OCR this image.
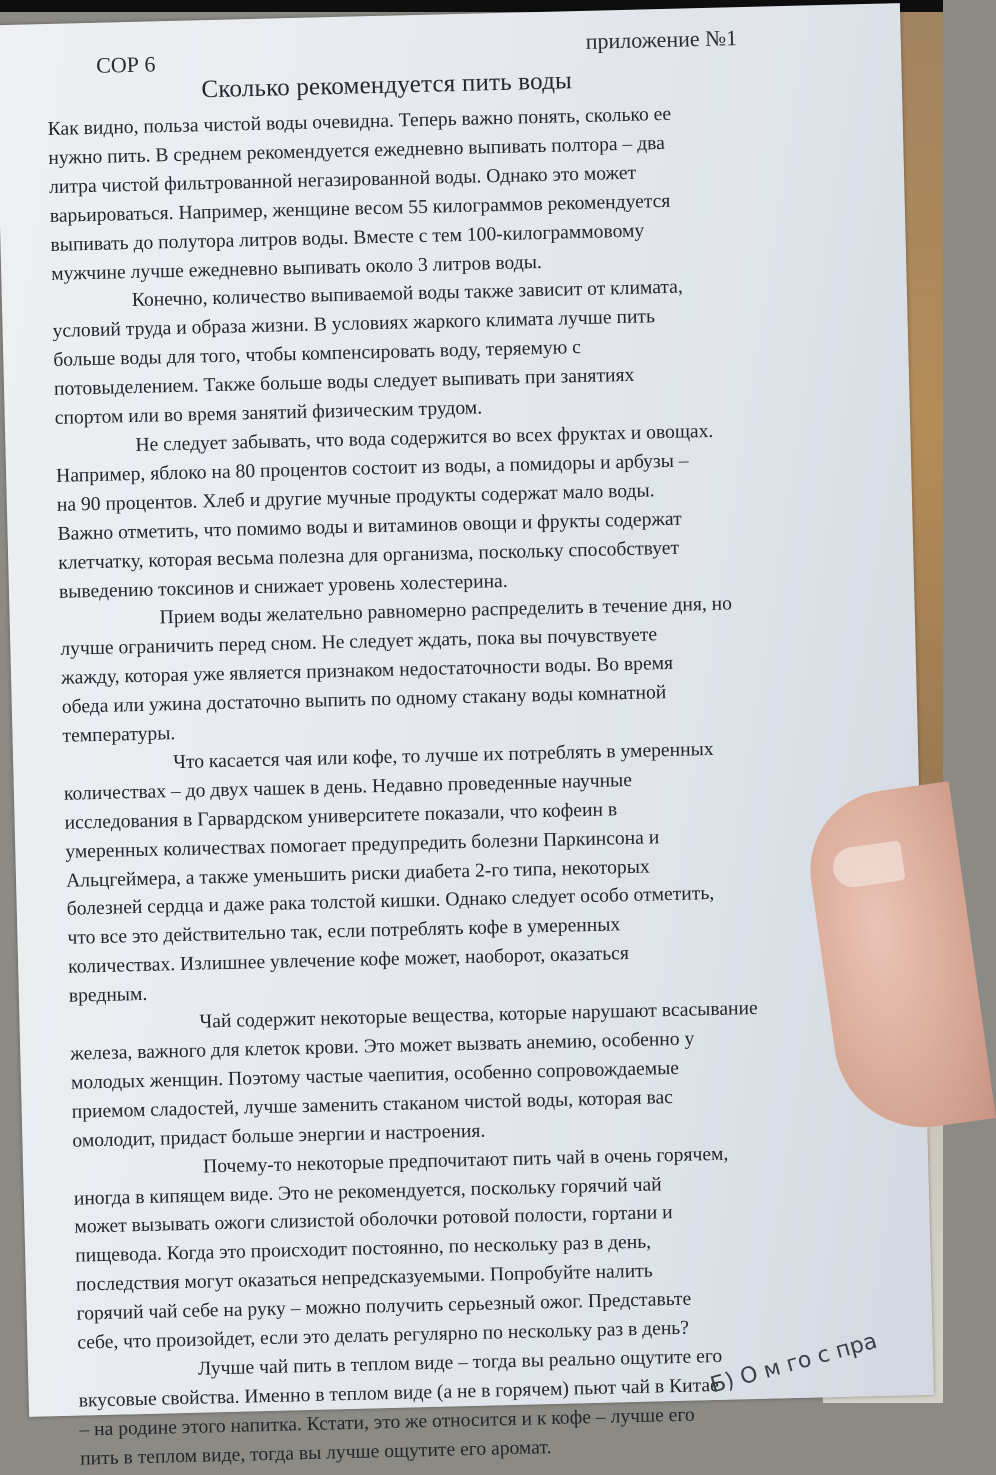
СОР 6
приложение №1
Сколько рекомендуется пить воды
Как видно, польза чистой воды очевидна. Теперь важно понять, сколько ее
нужно пить. В среднем рекомендуется ежедневно выпивать полтора – два
литра чистой фильтрованной негазированной воды. Однако это может
варьироваться. Например, женщине весом 55 килограммов рекомендуется
выпивать до полутора литров воды. Вместе с тем 100-килограммовому
мужчине лучше ежедневно выпивать около 3 литров воды.
Конечно, количество выпиваемой воды также зависит от климата,
условий труда и образа жизни. В условиях жаркого климата лучше пить
больше воды для того, чтобы компенсировать воду, теряемую с
потовыделением. Также больше воды следует выпивать при занятиях
спортом или во время занятий физическим трудом.
Не следует забывать, что вода содержится во всех фруктах и овощах.
Например, яблоко на 80 процентов состоит из воды, а помидоры и арбузы –
на 90 процентов. Хлеб и другие мучные продукты содержат мало воды.
Важно отметить, что помимо воды и витаминов овощи и фрукты содержат
клетчатку, которая весьма полезна для организма, поскольку способствует
выведению токсинов и снижает уровень холестерина.
Прием воды желательно равномерно распределить в течение дня, но
лучше ограничить перед сном. Не следует ждать, пока вы почувствуете
жажду, которая уже является признаком недостаточности воды. Во время
обеда или ужина достаточно выпить по одному стакану воды комнатной
температуры.
Что касается чая или кофе, то лучше их потреблять в умеренных
количествах – до двух чашек в день. Недавно проведенные научные
исследования в Гарвардском университете показали, что кофеин в
умеренных количествах помогает предупредить болезни Паркинсона и
Альцгеймера, а также уменьшить риски диабета 2-го типа, некоторых
болезней сердца и даже рака толстой кишки. Однако следует особо отметить,
что все это действительно так, если потреблять кофе в умеренных
количествах. Излишнее увлечение кофе может, наоборот, оказаться
вредным.
Чай содержит некоторые вещества, которые нарушают всасывание
железа, важного для клеток крови. Это может вызвать анемию, особенно у
молодых женщин. Поэтому частые чаепития, особенно сопровождаемые
приемом сладостей, лучше заменить стаканом чистой воды, которая вас
омолодит, придаст больше энергии и настроения.
Почему-то некоторые предпочитают пить чай в очень горячем,
иногда в кипящем виде. Это не рекомендуется, поскольку горячий чай
может вызывать ожоги слизистой оболочки ротовой полости, гортани и
пищевода. Когда это происходит постоянно, по нескольку раз в день,
последствия могут оказаться непредсказуемыми. Попробуйте налить
горячий чай себе на руку – можно получить серьезный ожог. Представьте
себе, что произойдет, если это делать регулярно по нескольку раз в день?
Лучше чай пить в теплом виде – тогда вы реально ощутите его
вкусовые свойства. Именно в теплом виде (а не в горячем) пьют чай в Китае
– на родине этого напитка. Кстати, это же относится и к кофе – лучше его
пить в теплом виде, тогда вы лучше ощутите его аромат.
Б) О м го с пра
